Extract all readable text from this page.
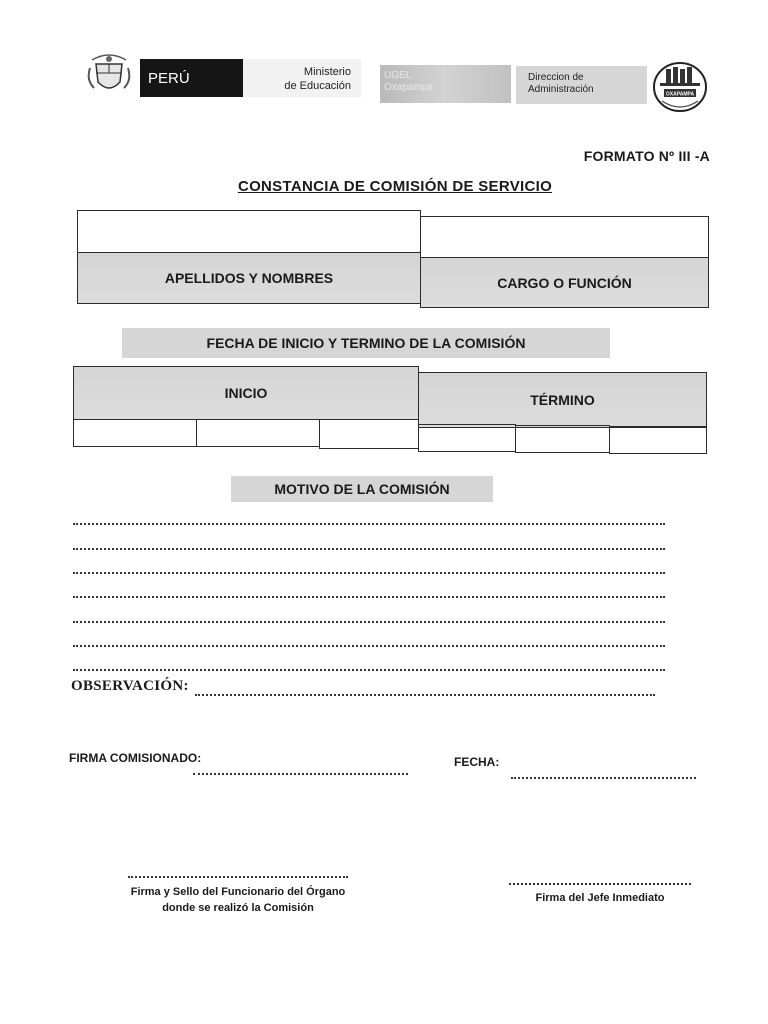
PERÚ	Ministerio
de Educación
UGEL
Oxapampa
Direccion de
Administración	OXAPAMPA
FORMATO Nº III -A
CONSTANCIA DE COMISIÓN DE SERVICIO
APELLIDOS Y NOMBRES	CARGO O FUNCIÓN
FECHA DE INICIO Y TERMINO DE LA COMISIÓN
INICIO	TÉRMINO
MOTIVO DE LA COMISIÓN
OBSERVACIÓN:
FIRMA COMISIONADO:	FECHA:
Firma y Sello del Funcionario del Órgano
donde se realizó la Comisión
Firma del Jefe Inmediato
